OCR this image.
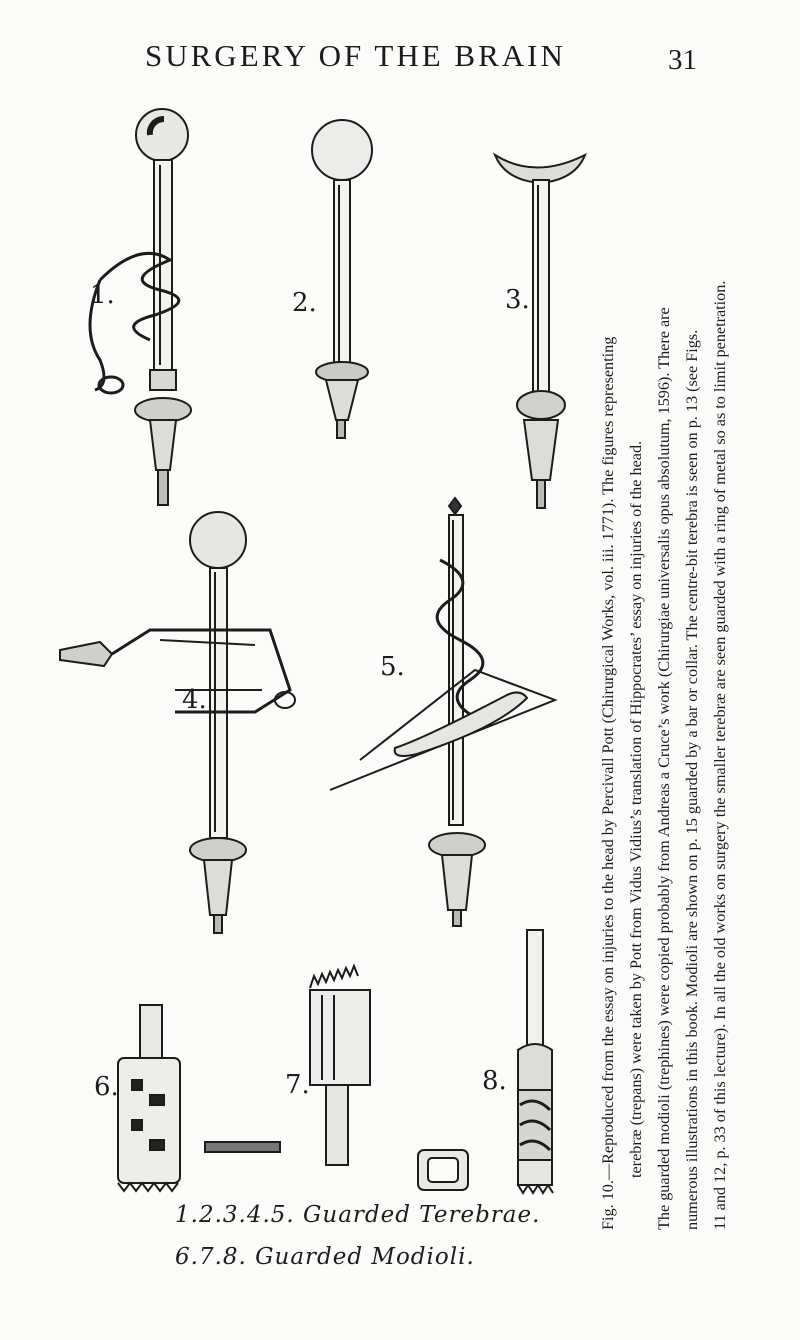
SURGERY OF THE BRAIN	31
1.	2.	3.
4.
5.
6.	7.	8.
1.2.3.4.5. Guarded Terebrae.
6.7.8. Guarded Modioli.
Fig. 10.—Reproduced from the essay on injuries to the head by Percivall Pott (Chirurgical Works, vol. iii. 1771). The figures representing terebræ (trepans) were taken by Pott from Vidus Vidius’s translation of Hippocrates’ essay on injuries of the head. The guarded modioli (trephines) were copied probably from Andreas a Cruce’s work (Chirurgiae universalis opus absolutum, 1596). There are numerous illustrations in this book. Modioli are shown on p. 15 guarded by a bar or collar. The centre-bit terebra is seen on p. 13 (see Figs. 11 and 12, p. 33 of this lecture). In all the old works on surgery the smaller terebræ are seen guarded with a ring of metal so as to limit penetration.
